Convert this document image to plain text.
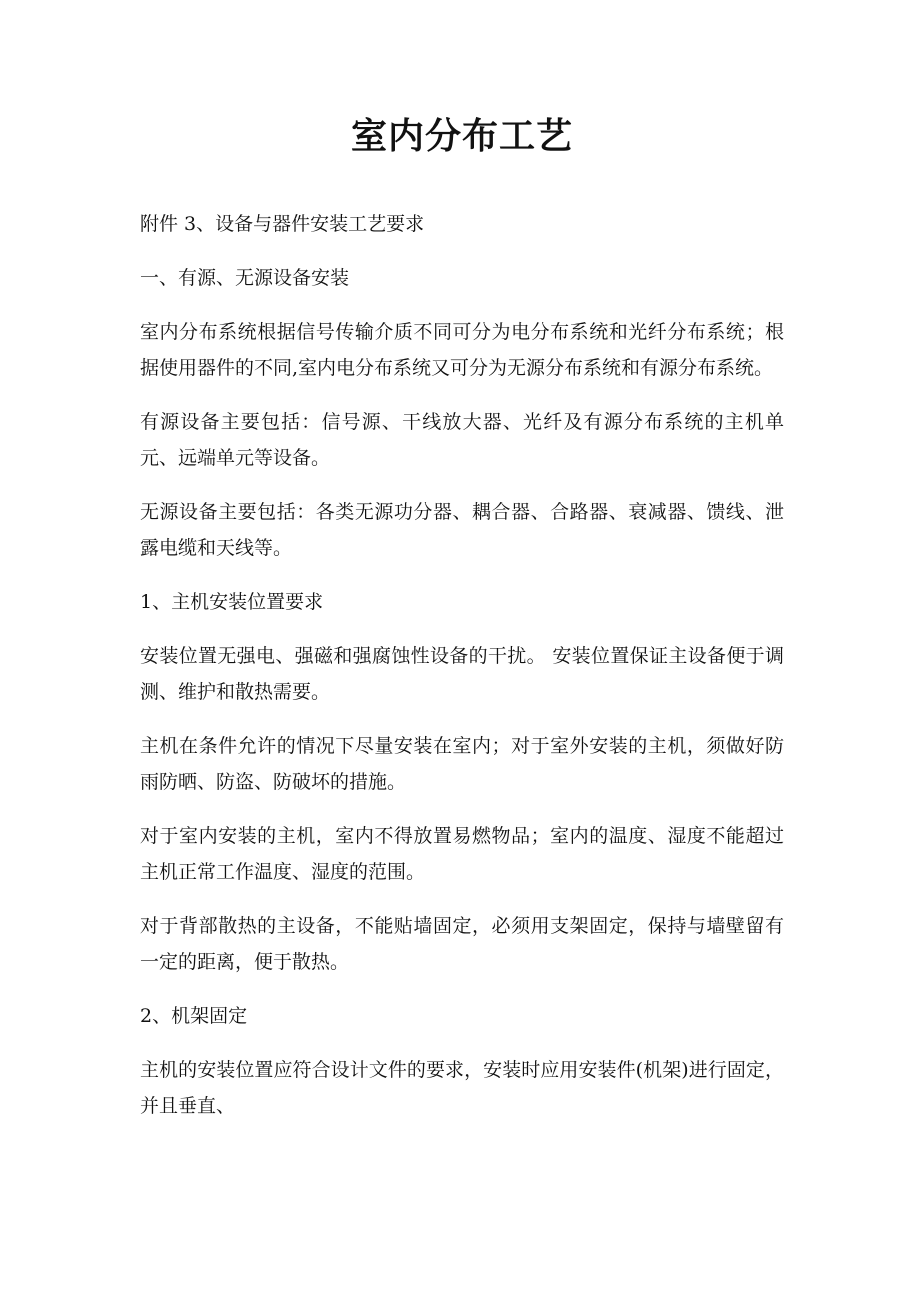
室内分布工艺

附件 3、设备与器件安装工艺要求

一、有源、无源设备安装

室内分布系统根据信号传输介质不同可分为电分布系统和光纤分布系统；根据使用器件的不同,室内电分布系统又可分为无源分布系统和有源分布系统。

有源设备主要包括：信号源、干线放大器、光纤及有源分布系统的主机单元、远端单元等设备。

无源设备主要包括：各类无源功分器、耦合器、合路器、衰减器、馈线、泄露电缆和天线等。

1、主机安装位置要求

安装位置无强电、强磁和强腐蚀性设备的干扰。 安装位置保证主设备便于调测、维护和散热需要。

主机在条件允许的情况下尽量安装在室内；对于室外安装的主机，须做好防雨防晒、防盗、防破坏的措施。

对于室内安装的主机，室内不得放置易燃物品；室内的温度、湿度不能超过主机正常工作温度、湿度的范围。

对于背部散热的主设备，不能贴墙固定，必须用支架固定，保持与墙壁留有一定的距离，便于散热。

2、机架固定

主机的安装位置应符合设计文件的要求，安装时应用安装件(机架)进行固定，并且垂直、
